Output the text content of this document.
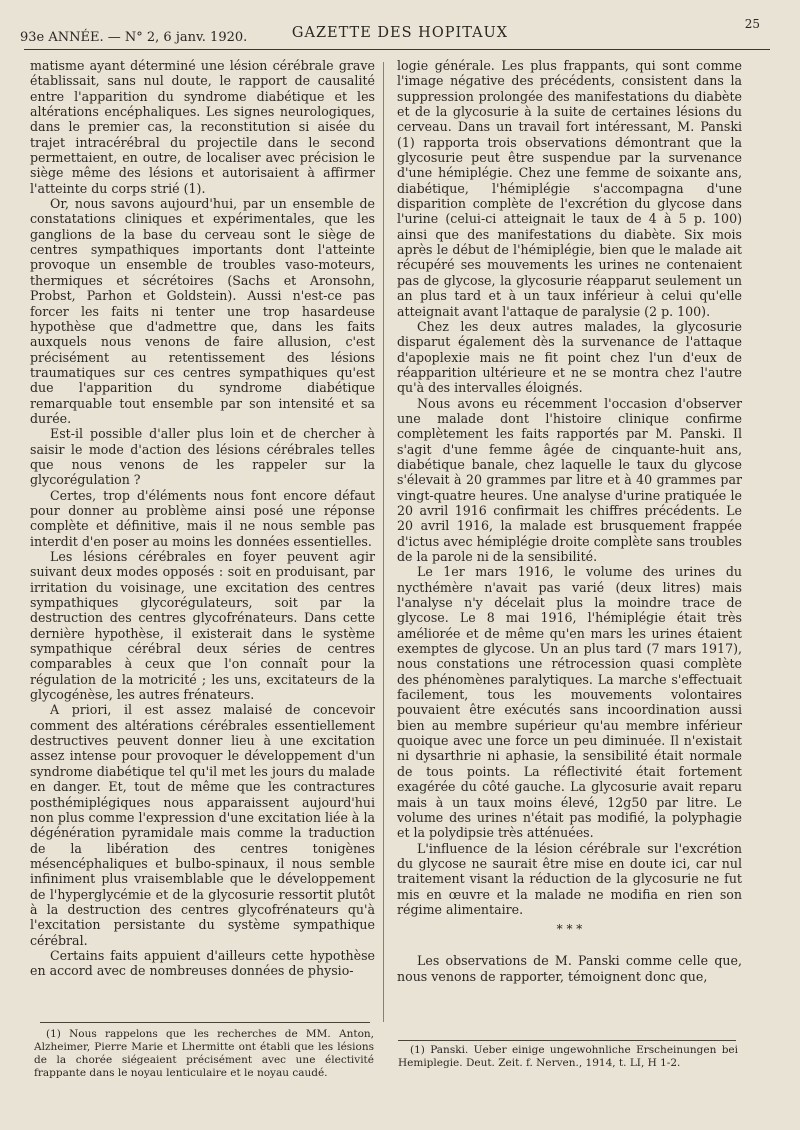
93e ANNÉE. — N° 2, 6 janv. 1920.	GAZETTE DES HOPITAUX
25

matisme ayant déterminé une lésion cérébrale grave établissait, sans nul doute, le rapport de causalité entre l'apparition du syndrome diabétique et les altérations encéphaliques. Les signes neurologiques, dans le premier cas, la reconstitution si aisée du trajet intracérébral du projectile dans le second permettaient, en outre, de localiser avec précision le siège même des lésions et autorisaient à affirmer l'atteinte du corps strié (1).

Or, nous savons aujourd'hui, par un ensemble de constatations cliniques et expérimentales, que les ganglions de la base du cerveau sont le siège de centres sympathiques importants dont l'atteinte provoque un ensemble de troubles vaso-moteurs, thermiques et sécrétoires (Sachs et Aronsohn, Probst, Parhon et Goldstein). Aussi n'est-ce pas forcer les faits ni tenter une trop hasardeuse hypothèse que d'admettre que, dans les faits auxquels nous venons de faire allusion, c'est précisément au retentissement des lésions traumatiques sur ces centres sympathiques qu'est due l'apparition du syndrome diabétique remarquable tout ensemble par son intensité et sa durée.

Est-il possible d'aller plus loin et de chercher à saisir le mode d'action des lésions cérébrales telles que nous venons de les rappeler sur la glycorégulation ?

Certes, trop d'éléments nous font encore défaut pour donner au problème ainsi posé une réponse complète et définitive, mais il ne nous semble pas interdit d'en poser au moins les données essentielles.

Les lésions cérébrales en foyer peuvent agir suivant deux modes opposés : soit en produisant, par irritation du voisinage, une excitation des centres sympathiques glycorégulateurs, soit par la destruction des centres glycofrénateurs. Dans cette dernière hypothèse, il existerait dans le système sympathique cérébral deux séries de centres comparables à ceux que l'on connaît pour la régulation de la motricité ; les uns, excitateurs de la glycogénèse, les autres frénateurs.

A priori, il est assez malaisé de concevoir comment des altérations cérébrales essentiellement destructives peuvent donner lieu à une excitation assez intense pour provoquer le développement d'un syndrome diabétique tel qu'il met les jours du malade en danger. Et, tout de même que les contractures posthémiplégiques nous apparaissent aujourd'hui non plus comme l'expression d'une excitation liée à la dégénération pyramidale mais comme la traduction de la libération des centres tonigènes mésencéphaliques et bulbo-spinaux, il nous semble infiniment plus vraisemblable que le développement de l'hyperglycémie et de la glycosurie ressortit plutôt à la destruction des centres glycofrénateurs qu'à l'excitation persistante du système sympathique cérébral.

Certains faits appuient d'ailleurs cette hypothèse en accord avec de nombreuses données de physio-

(1) Nous rappelons que les recherches de MM. Anton, Alzheimer, Pierre Marie et Lhermitte ont établi que les lésions de la chorée siégeaient précisément avec une électivité frappante dans le noyau lenticulaire et le noyau caudé.

logie générale. Les plus frappants, qui sont comme l'image négative des précédents, consistent dans la suppression prolongée des manifestations du diabète et de la glycosurie à la suite de certaines lésions du cerveau. Dans un travail fort intéressant, M. Panski (1) rapporta trois observations démontrant que la glycosurie peut être suspendue par la survenance d'une hémiplégie. Chez une femme de soixante ans, diabétique, l'hémiplégie s'accompagna d'une disparition complète de l'excrétion du glycose dans l'urine (celui-ci atteignait le taux de 4 à 5 p. 100) ainsi que des manifestations du diabète. Six mois après le début de l'hémiplégie, bien que le malade ait récupéré ses mouvements les urines ne contenaient pas de glycose, la glycosurie réapparut seulement un an plus tard et à un taux inférieur à celui qu'elle atteignait avant l'attaque de paralysie (2 p. 100).

Chez les deux autres malades, la glycosurie disparut également dès la survenance de l'attaque d'apoplexie mais ne fit point chez l'un d'eux de réapparition ultérieure et ne se montra chez l'autre qu'à des intervalles éloignés.

Nous avons eu récemment l'occasion d'observer une malade dont l'histoire clinique confirme complètement les faits rapportés par M. Panski. Il s'agit d'une femme âgée de cinquante-huit ans, diabétique banale, chez laquelle le taux du glycose s'élevait à 20 grammes par litre et à 40 grammes par vingt-quatre heures. Une analyse d'urine pratiquée le 20 avril 1916 confirmait les chiffres précédents. Le 20 avril 1916, la malade est brusquement frappée d'ictus avec hémiplégie droite complète sans troubles de la parole ni de la sensibilité.

Le 1er mars 1916, le volume des urines du nycthémère n'avait pas varié (deux litres) mais l'analyse n'y décelait plus la moindre trace de glycose. Le 8 mai 1916, l'hémiplégie était très améliorée et de même qu'en mars les urines étaient exemptes de glycose. Un an plus tard (7 mars 1917), nous constations une rétrocession quasi complète des phénomènes paralytiques. La marche s'effectuait facilement, tous les mouvements volontaires pouvaient être exécutés sans incoordination aussi bien au membre supérieur qu'au membre inférieur quoique avec une force un peu diminuée. Il n'existait ni dysarthrie ni aphasie, la sensibilité était normale de tous points. La réflectivité était fortement exagérée du côté gauche. La glycosurie avait reparu mais à un taux moins élevé, 12g50 par litre. Le volume des urines n'était pas modifié, la polyphagie et la polydipsie très atténuées.

L'influence de la lésion cérébrale sur l'excrétion du glycose ne saurait être mise en doute ici, car nul traitement visant la réduction de la glycosurie ne fut mis en œuvre et la malade ne modifia en rien son régime alimentaire.

* * *

Les observations de M. Panski comme celle que, nous venons de rapporter, témoignent donc que,

(1) Panski. Ueber einige ungewohnliche Erscheinungen bei Hemiplegie. Deut. Zeit. f. Nerven., 1914, t. LI, H 1-2.
